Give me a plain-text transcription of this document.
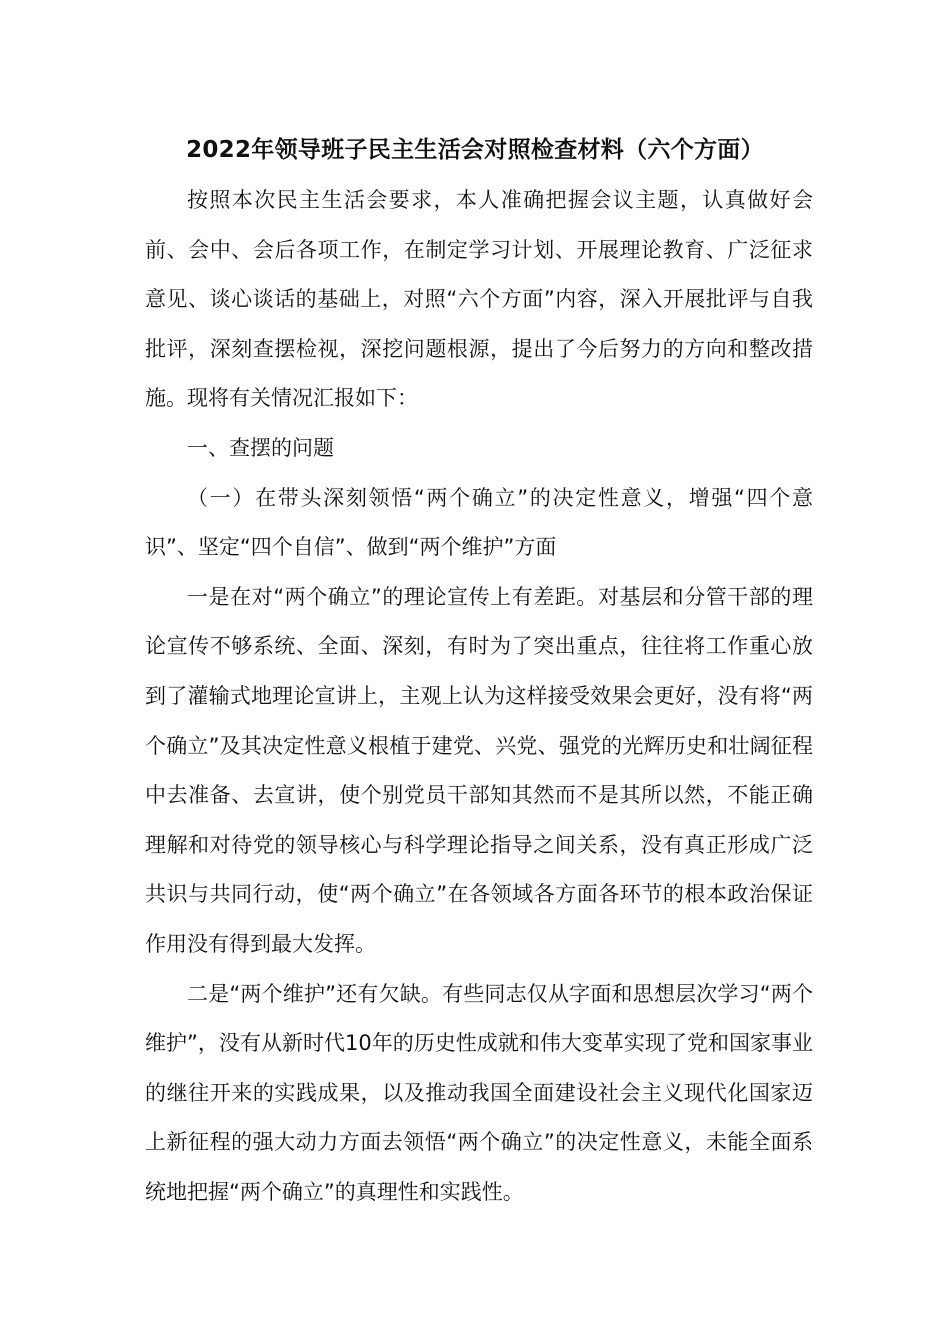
2022年领导班子民主生活会对照检查材料（六个方面）

按照本次民主生活会要求，本人准确把握会议主题，认真做好会前、会中、会后各项工作，在制定学习计划、开展理论教育、广泛征求意见、谈心谈话的基础上，对照“六个方面”内容，深入开展批评与自我批评，深刻查摆检视，深挖问题根源，提出了今后努力的方向和整改措施。现将有关情况汇报如下：

一、查摆的问题

（一）在带头深刻领悟“两个确立”的决定性意义，增强“四个意识”、坚定“四个自信”、做到“两个维护”方面

一是在对“两个确立”的理论宣传上有差距。对基层和分管干部的理论宣传不够系统、全面、深刻，有时为了突出重点，往往将工作重心放到了灌输式地理论宣讲上，主观上认为这样接受效果会更好，没有将“两个确立”及其决定性意义根植于建党、兴党、强党的光辉历史和壮阔征程中去准备、去宣讲，使个别党员干部知其然而不是其所以然，不能正确理解和对待党的领导核心与科学理论指导之间关系，没有真正形成广泛共识与共同行动，使“两个确立”在各领域各方面各环节的根本政治保证作用没有得到最大发挥。

二是“两个维护”还有欠缺。有些同志仅从字面和思想层次学习“两个维护”，没有从新时代10年的历史性成就和伟大变革实现了党和国家事业的继往开来的实践成果，以及推动我国全面建设社会主义现代化国家迈上新征程的强大动力方面去领悟“两个确立”的决定性意义，未能全面系统地把握“两个确立”的真理性和实践性。
